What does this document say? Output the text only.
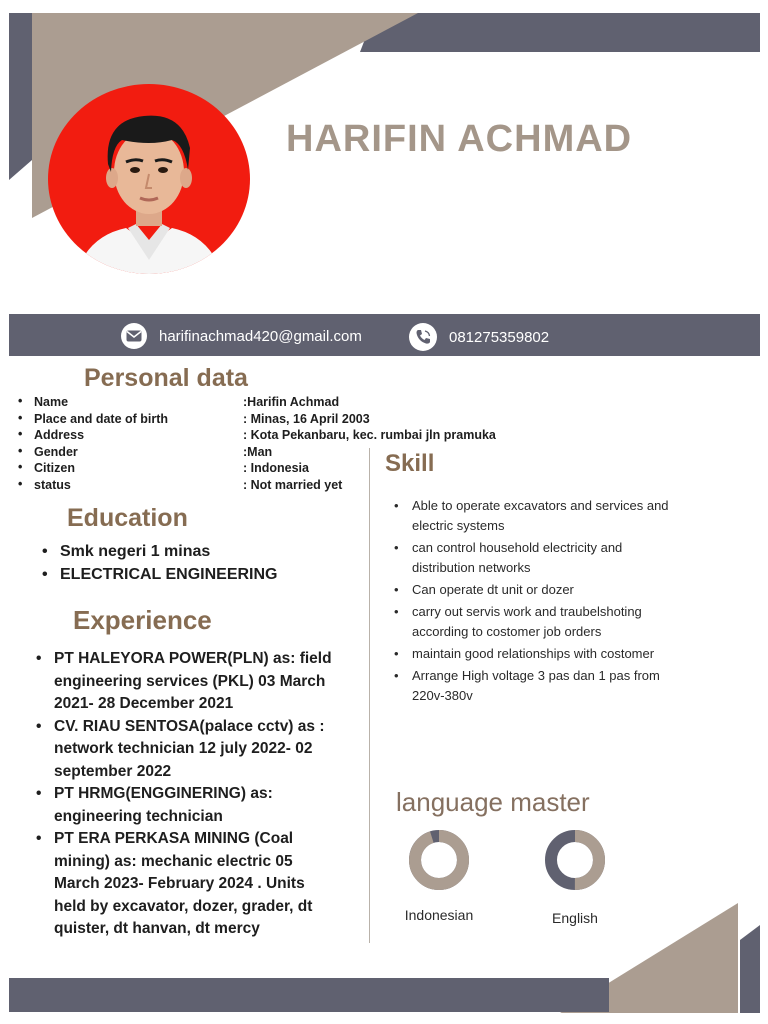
HARIFIN ACHMAD
harifinachmad420@gmail.com	081275359802
Personal data
• Name	:Harifin Achmad
• Place and date of birth	: Minas, 16 April 2003
• Address	: Kota Pekanbaru, kec. rumbai jln pramuka
• Gender	:Man
• Citizen	: Indonesia
• status	: Not married yet
Education
• Smk negeri 1 minas
• ELECTRICAL ENGINEERING
Experience
• PT HALEYORA POWER(PLN) as: field engineering services (PKL) 03 March 2021- 28 December 2021
• CV. RIAU SENTOSA(palace cctv) as : network technician 12 july 2022- 02 september 2022
• PT HRMG(ENGGINERING) as: engineering technician
• PT ERA PERKASA MINING (Coal mining) as: mechanic electric 05 March 2023- February 2024 . Units held by excavator, dozer, grader, dt quister, dt hanvan, dt mercy
Skill
• Able to operate excavators and services and electric systems
• can control household electricity and distribution networks
• Can operate dt unit or dozer
• carry out servis work and traubelshoting according to costomer job orders
• maintain good relationships with costomer
• Arrange High voltage 3 pas dan 1 pas from 220v-380v
language master
Indonesian	English
